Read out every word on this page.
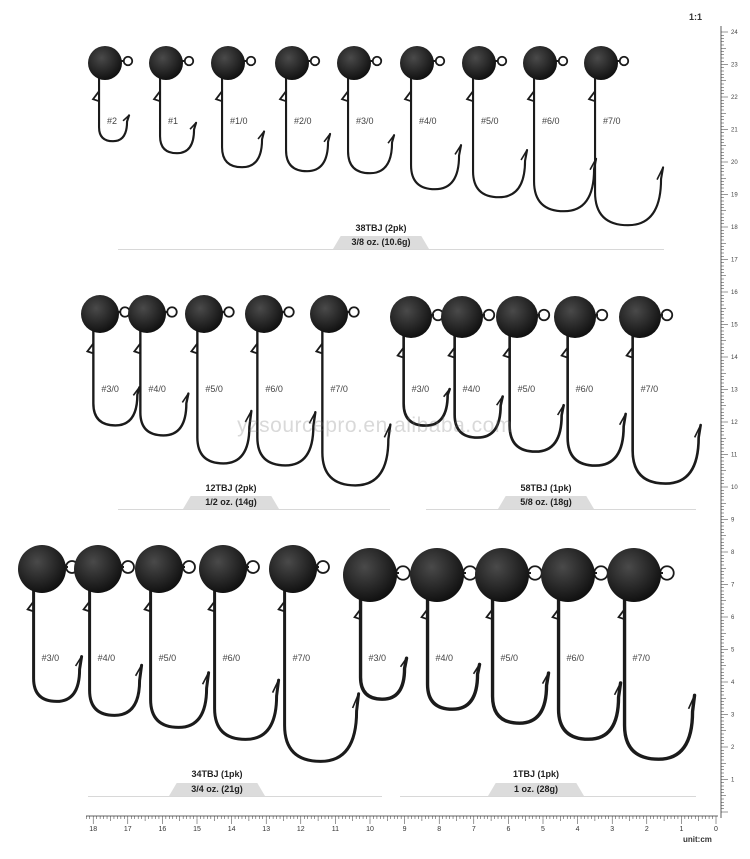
#2	#1	#1/0	#2/0	#3/0	#4/0	#5/0	#6/0	#7/0
#3/0	#4/0	#5/0	#6/0	#7/0	#3/0	#4/0	#5/0	#6/0	#7/0
#3/0	#4/0	#5/0	#6/0	#7/0	#3/0	#4/0	#5/0	#6/0	#7/0
1
2
3
4
5
6
7
8
9
10
11
12
13
14
15
16
17
18
19
20
21
22
23
24
18	17	16	15	14	13	12	11	10	9	8	7	6	5	4	3	2	1	0
1:1
unit:cm
yzsourcepro.en.alibaba.com
38TBJ (2pk)
3/8 oz. (10.6g)
12TBJ (2pk)
1/2 oz. (14g)
58TBJ (1pk)
5/8 oz. (18g)
34TBJ (1pk)
3/4 oz. (21g)
1TBJ (1pk)
1 oz. (28g)
